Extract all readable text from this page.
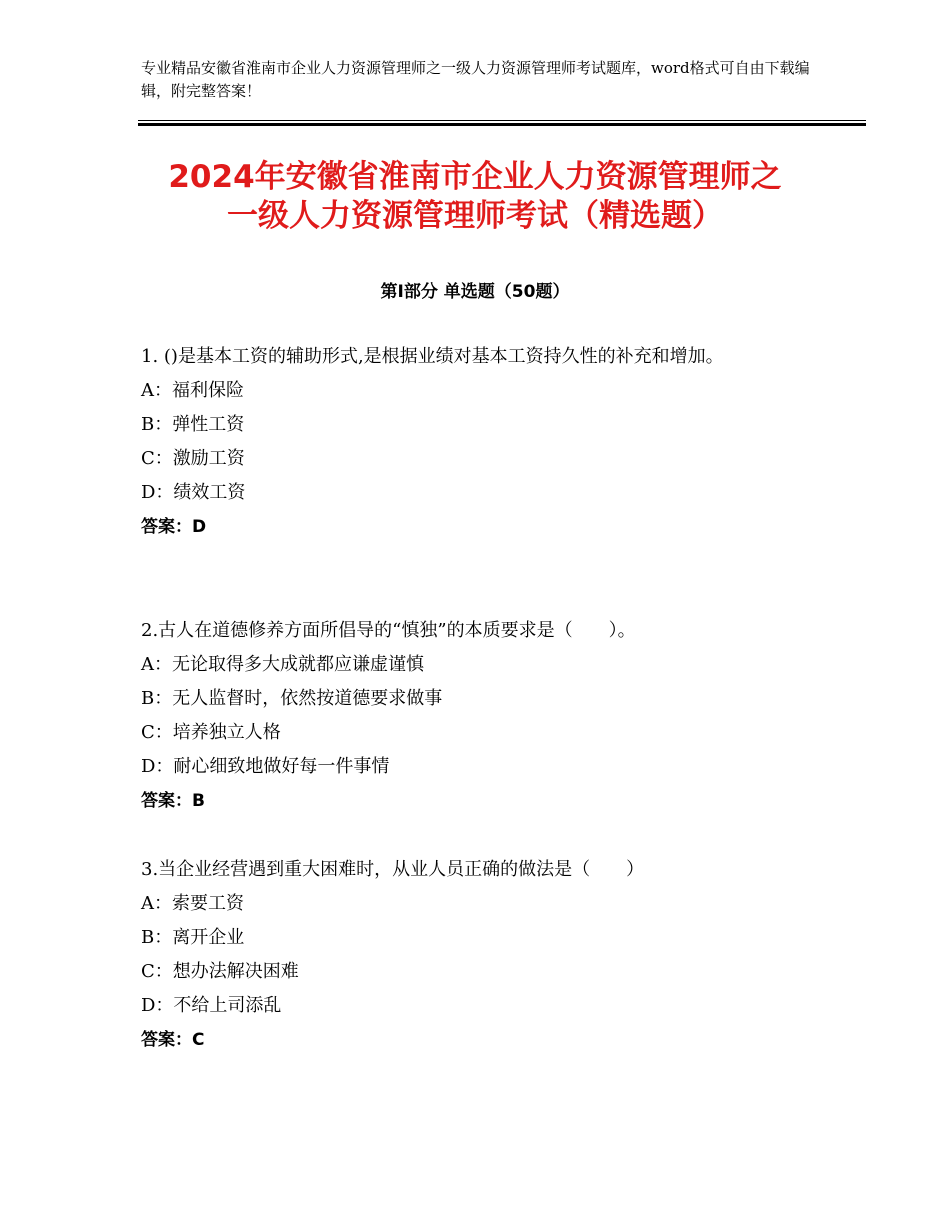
专业精品安徽省淮南市企业人力资源管理师之一级人力资源管理师考试题库，word格式可自由下载编辑，附完整答案！
2024年安徽省淮南市企业人力资源管理师之
一级人力资源管理师考试（精选题）
第Ⅰ部分 单选题（50题）

1. ()是基本工资的辅助形式,是根据业绩对基本工资持久性的补充和增加。

A：福利保险

B：弹性工资

C：激励工资

D：绩效工资

答案：D

2.古人在道德修养方面所倡导的“慎独”的本质要求是（　　）。

A：无论取得多大成就都应谦虚谨慎

B：无人监督时，依然按道德要求做事

C：培养独立人格

D：耐心细致地做好每一件事情

答案：B

3.当企业经营遇到重大困难时，从业人员正确的做法是（　　）

A：索要工资

B：离开企业

C：想办法解决困难

D：不给上司添乱

答案：C
